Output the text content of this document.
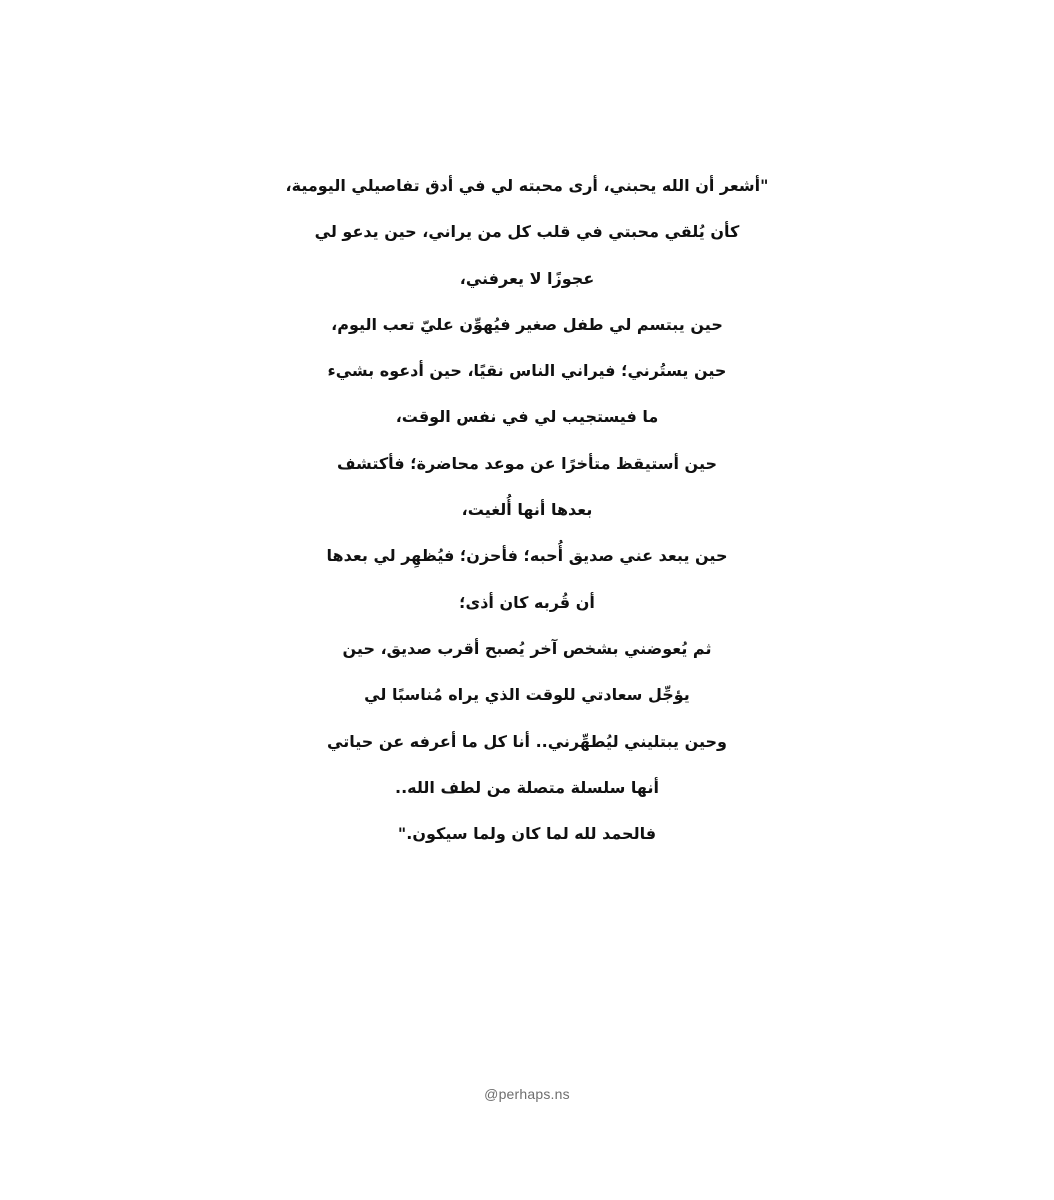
"أشعر أن الله يحبني، أرى محبته لي في أدق تفاصيلي اليومية،
كأن يُلقي محبتي في قلب كل من يراني، حين يدعو لي
عجوزًا لا يعرفني،
حين يبتسم لي طفل صغير فيُهوِّن عليّ تعب اليوم،
حين يستُرني؛ فيراني الناس نقيًا، حين أدعوه بشيء
ما فيستجيب لي في نفس الوقت،
حين أستيقظ متأخرًا عن موعد محاضرة؛ فأكتشف
بعدها أنها أُلغيت،
حين يبعد عني صديق أُحبه؛ فأحزن؛ فيُظهِر لي بعدها
أن قُربه كان أذى؛
ثم يُعوضني بشخص آخر يُصبح أقرب صديق، حين
يؤجِّل سعادتي للوقت الذي يراه مُناسبًا لي
وحين يبتليني ليُطهِّرني.. أنا كل ما أعرفه عن حياتي
أنها سلسلة متصلة من لطف الله..
فالحمد لله لما كان ولما سيكون."
@perhaps.ns
